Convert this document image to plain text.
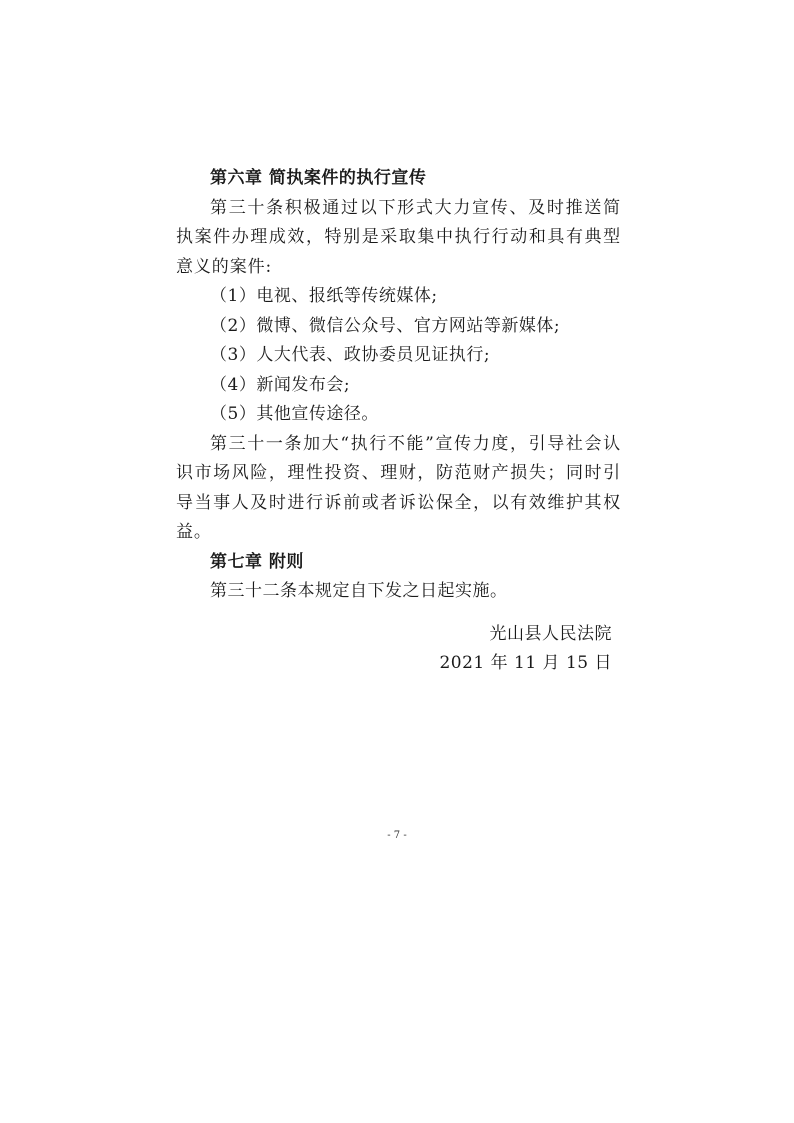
第六章 简执案件的执行宣传
第三十条积极通过以下形式大力宣传、及时推送简执案件办理成效，特别是采取集中执行行动和具有典型意义的案件:
（1）电视、报纸等传统媒体;
（2）微博、微信公众号、官方网站等新媒体;
（3）人大代表、政协委员见证执行;
（4）新闻发布会;
（5）其他宣传途径。
第三十一条加大“执行不能”宣传力度，引导社会认识市场风险，理性投资、理财，防范财产损失；同时引导当事人及时进行诉前或者诉讼保全，以有效维护其权益。
第七章 附则
第三十二条本规定自下发之日起实施。
光山县人民法院
2021 年 11 月 15 日
- 7 -
